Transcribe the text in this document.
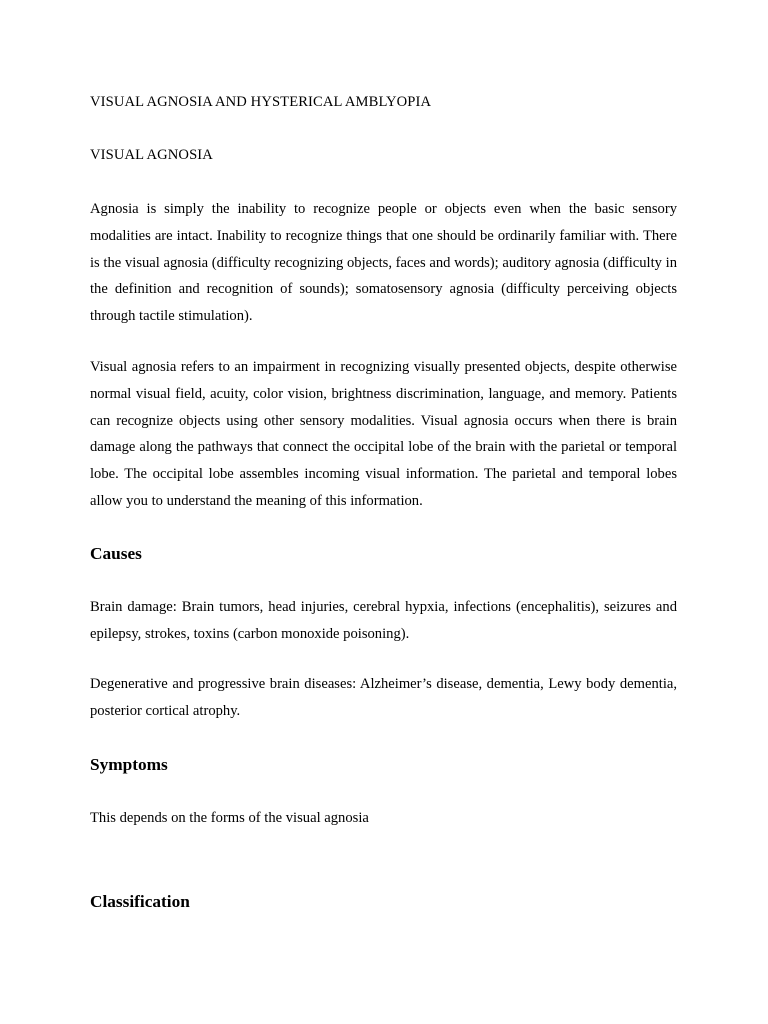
VISUAL AGNOSIA AND HYSTERICAL AMBLYOPIA

VISUAL AGNOSIA

Agnosia is simply the inability to recognize people or objects even when the basic sensory modalities are intact. Inability to recognize things that one should be ordinarily familiar with. There is the visual agnosia (difficulty recognizing objects, faces and words); auditory agnosia (difficulty in the definition and recognition of sounds); somatosensory agnosia (difficulty perceiving objects through tactile stimulation).

Visual agnosia refers to an impairment in recognizing visually presented objects, despite otherwise normal visual field, acuity, color vision, brightness discrimination, language, and memory. Patients can recognize objects using other sensory modalities. Visual agnosia occurs when there is brain damage along the pathways that connect the occipital lobe of the brain with the parietal or temporal lobe. The occipital lobe assembles incoming visual information. The parietal and temporal lobes allow you to understand the meaning of this information.

Causes

Brain damage: Brain tumors, head injuries, cerebral hypxia, infections (encephalitis), seizures and epilepsy, strokes, toxins (carbon monoxide poisoning).

Degenerative and progressive brain diseases: Alzheimer’s disease, dementia, Lewy body dementia, posterior cortical atrophy.

Symptoms

This depends on the forms of the visual agnosia

Classification
